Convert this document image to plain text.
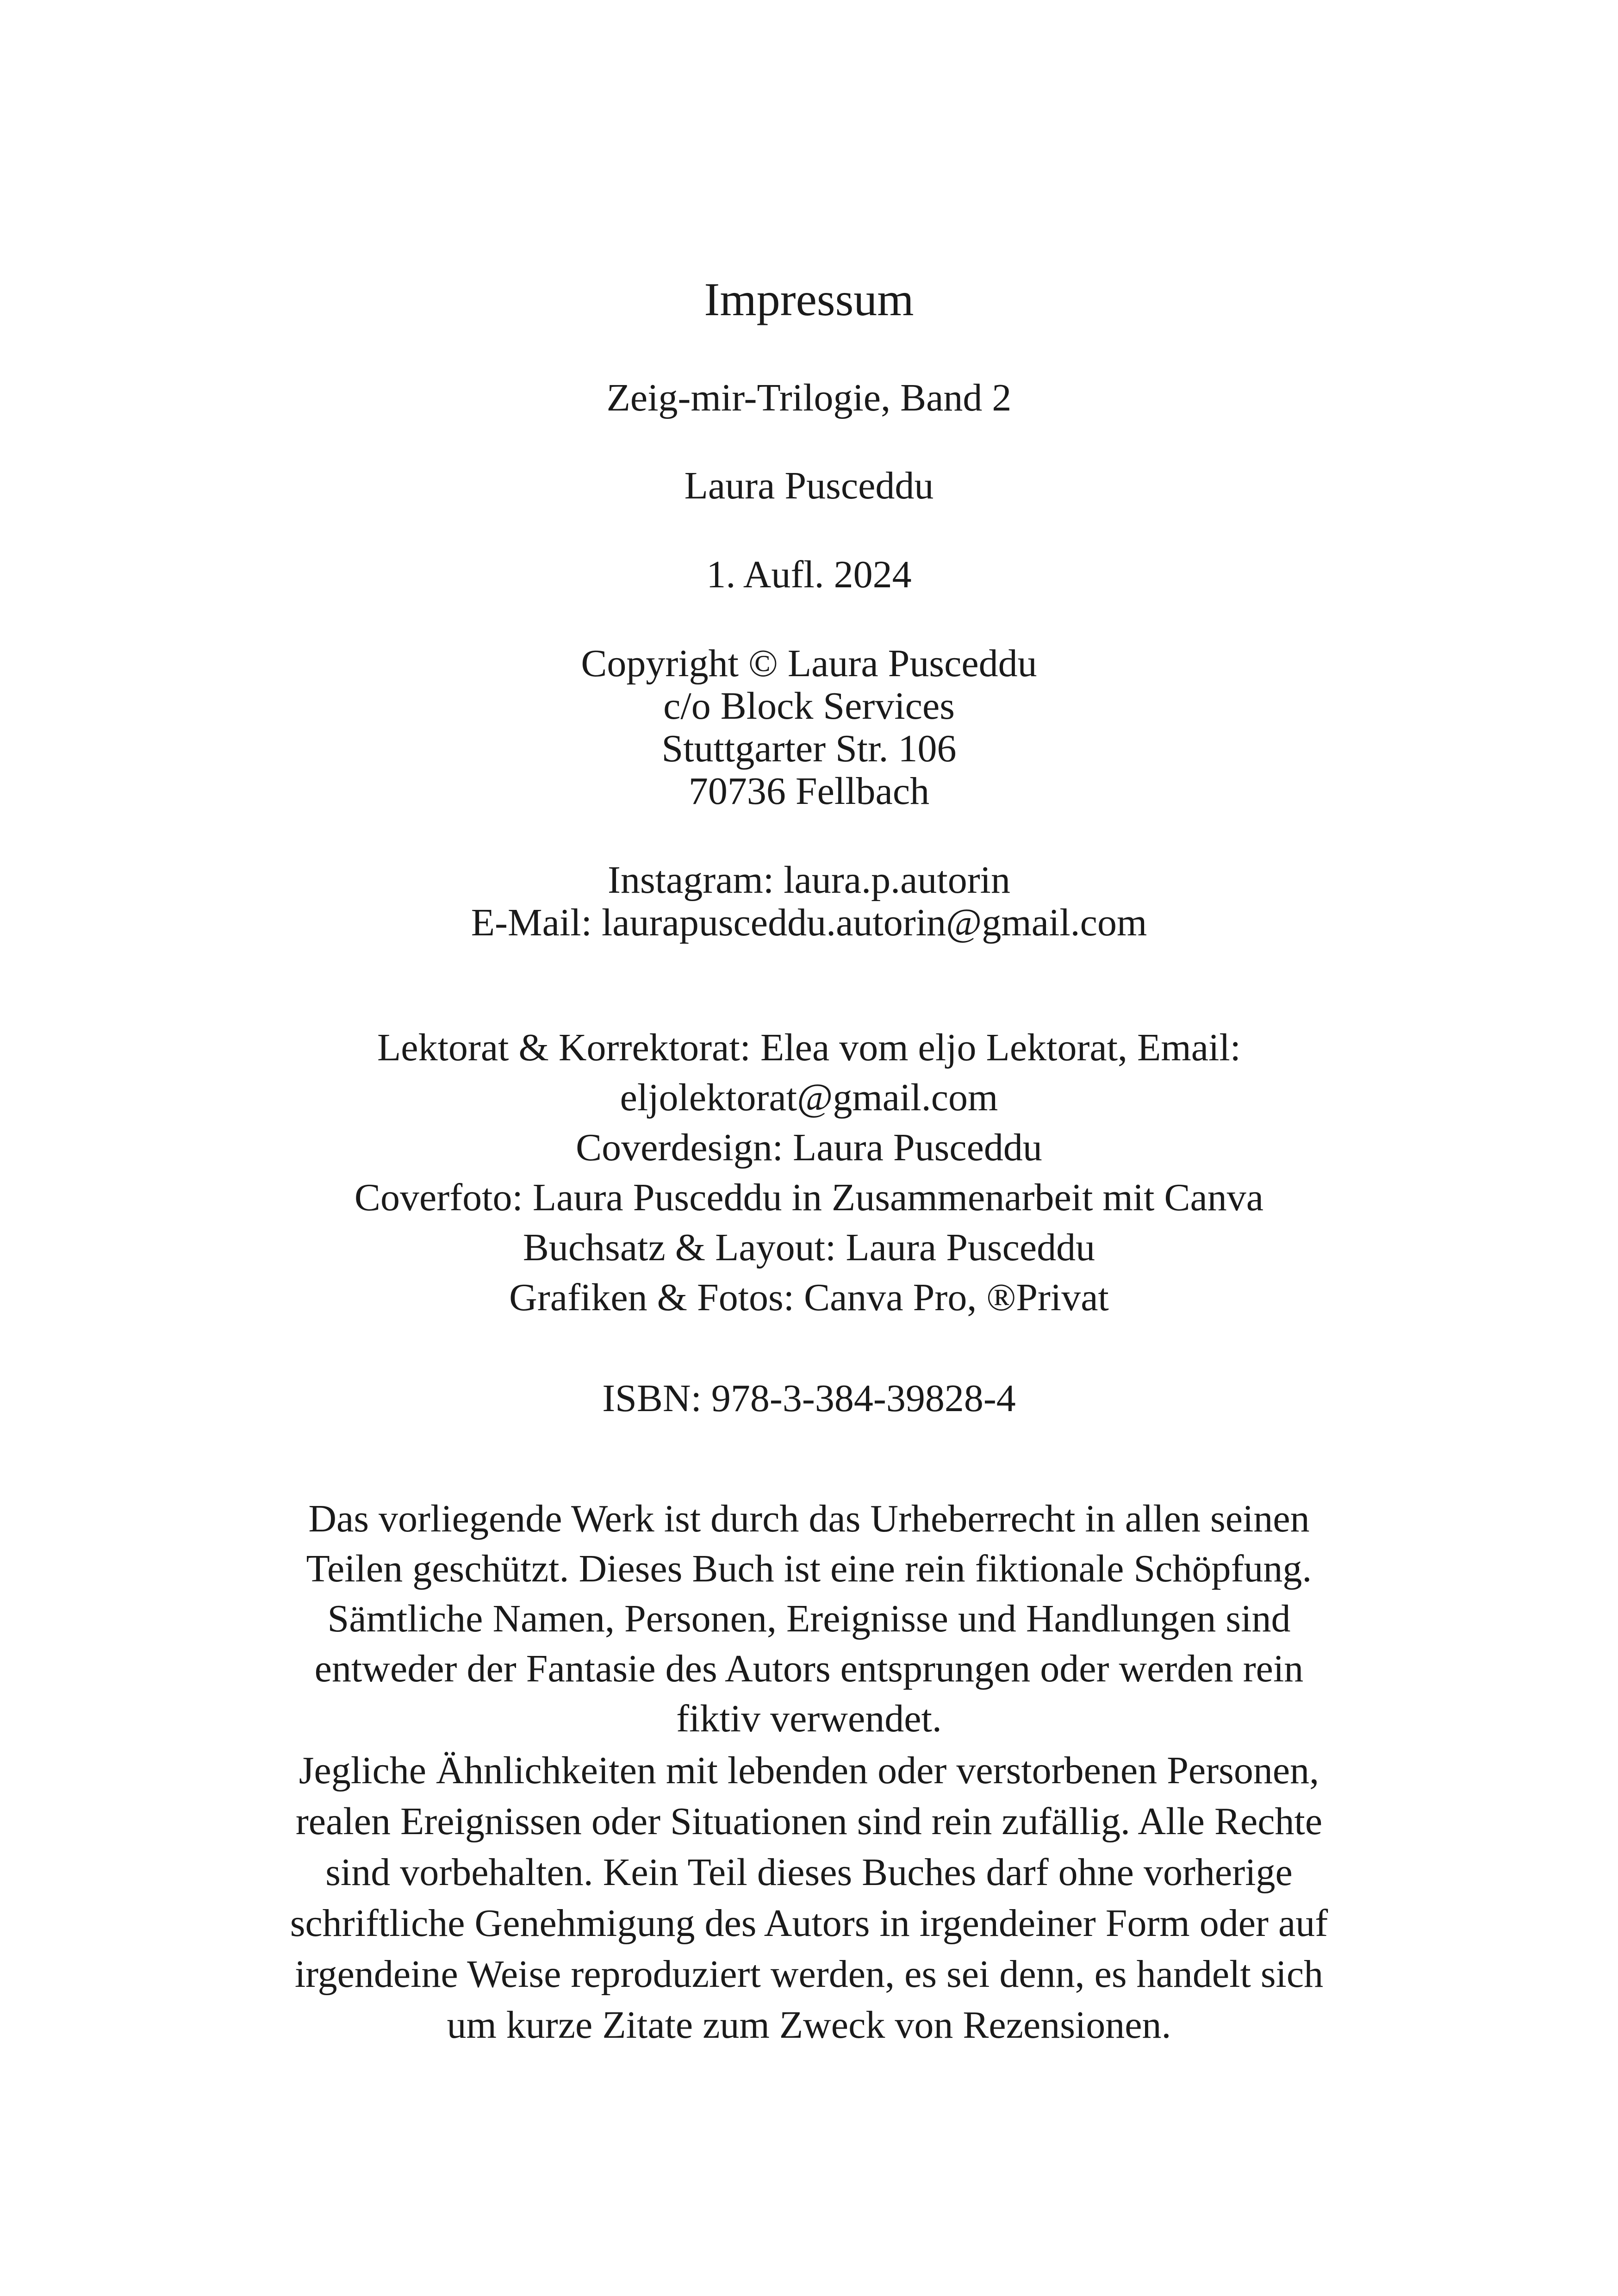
Impressum
Zeig-mir-Trilogie, Band 2
Laura Pusceddu
1. Aufl. 2024
Copyright © Laura Pusceddu
c/o Block Services
Stuttgarter Str. 106
70736 Fellbach
Instagram: laura.p.autorin
E-Mail: laurapusceddu.autorin@gmail.com
Lektorat & Korrektorat: Elea vom eljo Lektorat, Email:
eljolektorat@gmail.com
Coverdesign: Laura Pusceddu
Coverfoto: Laura Pusceddu in Zusammenarbeit mit Canva
Buchsatz & Layout: Laura Pusceddu
Grafiken & Fotos: Canva Pro, ®Privat
ISBN: 978-3-384-39828-4
Das vorliegende Werk ist durch das Urheberrecht in allen seinen
Teilen geschützt. Dieses Buch ist eine rein fiktionale Schöpfung.
Sämtliche Namen, Personen, Ereignisse und Handlungen sind
entweder der Fantasie des Autors entsprungen oder werden rein
fiktiv verwendet.
Jegliche Ähnlichkeiten mit lebenden oder verstorbenen Personen,
realen Ereignissen oder Situationen sind rein zufällig. Alle Rechte
sind vorbehalten. Kein Teil dieses Buches darf ohne vorherige
schriftliche Genehmigung des Autors in irgendeiner Form oder auf
irgendeine Weise reproduziert werden, es sei denn, es handelt sich
um kurze Zitate zum Zweck von Rezensionen.
